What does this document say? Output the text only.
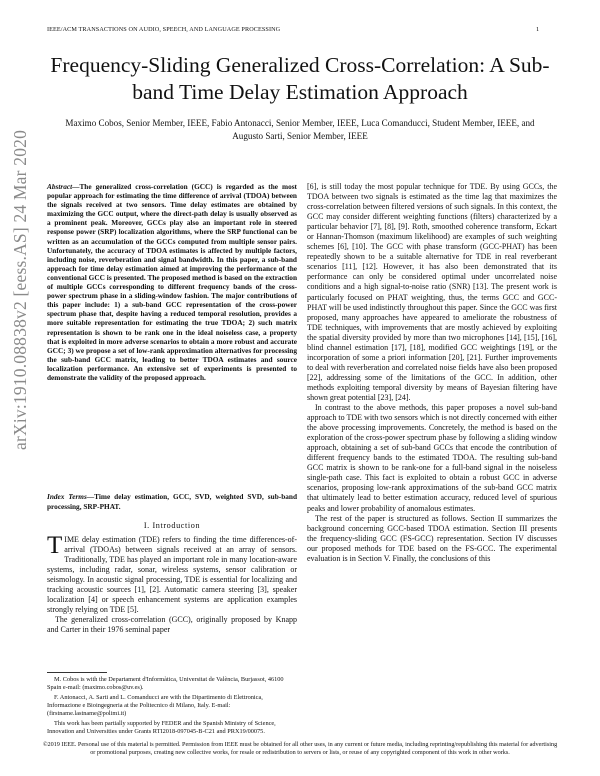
IEEE/ACM TRANSACTIONS ON AUDIO, SPEECH, AND LANGUAGE PROCESSING	1
Frequency-Sliding Generalized Cross-Correlation: A Sub-band Time Delay Estimation Approach
Maximo Cobos, Senior Member, IEEE, Fabio Antonacci, Senior Member, IEEE, Luca Comanducci, Student Member, IEEE, and Augusto Sarti, Senior Member, IEEE
arXiv:1910.08838v2 [eess.AS] 24 Mar 2020	Abstract—The generalized cross-correlation (GCC) is regarded as the most popular approach for estimating the time difference of arrival (TDOA) between the signals received at two sensors. Time delay estimates are obtained by maximizing the GCC output, where the direct-path delay is usually observed as a prominent peak. Moreover, GCCs play also an important role in steered response power (SRP) localization algorithms, where the SRP functional can be written as an accumulation of the GCCs computed from multiple sensor pairs. Unfortunately, the accuracy of TDOA estimates is affected by multiple factors, including noise, reverberation and signal bandwidth. In this paper, a sub-band approach for time delay estimation aimed at improving the performance of the conventional GCC is presented. The proposed method is based on the extraction of multiple GCCs corresponding to different frequency bands of the cross-power spectrum phase in a sliding-window fashion. The major contributions of this paper include: 1) a sub-band GCC representation of the cross-power spectrum phase that, despite having a reduced temporal resolution, provides a more suitable representation for estimating the true TDOA; 2) such matrix representation is shown to be rank one in the ideal noiseless case, a property that is exploited in more adverse scenarios to obtain a more robust and accurate GCC; 3) we propose a set of low-rank approximation alternatives for processing the sub-band GCC matrix, leading to better TDOA estimates and source localization performance. An extensive set of experiments is presented to demonstrate the validity of the proposed approach.
Index Terms—Time delay estimation, GCC, SVD, weighted SVD, sub-band processing, SRP-PHAT.
I. Introduction

TIME delay estimation (TDE) refers to finding the time differences-of-arrival (TDOAs) between signals received at an array of sensors. Traditionally, TDE has played an important role in many location-aware systems, including radar, sonar, wireless systems, sensor calibration or seismology. In acoustic signal processing, TDE is essential for localizing and tracking acoustic sources [1], [2]. Automatic camera steering [3], speaker localization [4] or speech enhancement systems are application examples strongly relying on TDE [5].

The generalized cross-correlation (GCC), originally proposed by Knapp and Carter in their 1976 seminal paper

M. Cobos is with the Departament d'Informàtica, Universitat de València, Burjassot, 46100 Spain e-mail: (maximo.cobos@uv.es).

F. Antonacci, A. Sarti and L. Comanducci are with the Dipartimento di Elettronica, Informazione e Bioingegneria at the Politecnico di Milano, Italy. E-mail: (firstname.lastname@polimi.it)

This work has been partially supported by FEDER and the Spanish Ministry of Science, Innovation and Universities under Grants RTI2018-097045-B-C21 and PRX19/00075.

[6], is still today the most popular technique for TDE. By using GCCs, the TDOA between two signals is estimated as the time lag that maximizes the cross-correlation between filtered versions of such signals. In this context, the GCC may consider different weighting functions (filters) characterized by a particular behavior [7], [8], [9]. Roth, smoothed coherence transform, Eckart or Hannan-Thomson (maximum likelihood) are examples of such weighting schemes [6], [10]. The GCC with phase transform (GCC-PHAT) has been repeatedly shown to be a suitable alternative for TDE in real reverberant scenarios [11], [12]. However, it has also been demonstrated that its performance can only be considered optimal under uncorrelated noise conditions and a high signal-to-noise ratio (SNR) [13]. The present work is particularly focused on PHAT weighting, thus, the terms GCC and GCC-PHAT will be used indistinctly throughout this paper. Since the GCC was first proposed, many approaches have appeared to ameliorate the robustness of TDE techniques, with improvements that are mostly achieved by exploiting the spatial diversity provided by more than two microphones [14], [15], [16], blind channel estimation [17], [18], modified GCC weightings [19], or the incorporation of some a priori information [20], [21]. Further improvements to deal with reverberation and correlated noise fields have also been proposed [22], addressing some of the limitations of the GCC. In addition, other methods exploiting temporal diversity by means of Bayesian filtering have shown great potential [23], [24].

In contrast to the above methods, this paper proposes a novel sub-band approach to TDE with two sensors which is not directly concerned with either the above processing improvements. Concretely, the method is based on the exploration of the cross-power spectrum phase by following a sliding window approach, obtaining a set of sub-band GCCs that encode the contribution of different frequency bands to the estimated TDOA. The resulting sub-band GCC matrix is shown to be rank-one for a full-band signal in the noiseless single-path case. This fact is exploited to obtain a robust GCC in adverse scenarios, proposing low-rank approximations of the sub-band GCC matrix that ultimately lead to better estimation accuracy, reduced level of spurious peaks and lower probability of anomalous estimates.

The rest of the paper is structured as follows. Section II summarizes the background concerning GCC-based TDOA estimation. Section III presents the frequency-sliding GCC (FS-GCC) representation. Section IV discusses our proposed methods for TDE based on the FS-GCC. The experimental evaluation is in Section V. Finally, the conclusions of this

©2019 IEEE. Personal use of this material is permitted. Permission from IEEE must be obtained for all other uses, in any current or future media, including reprinting/republishing this material for advertising or promotional purposes, creating new collective works, for resale or redistribution to servers or lists, or reuse of any copyrighted component of this work in other works.
